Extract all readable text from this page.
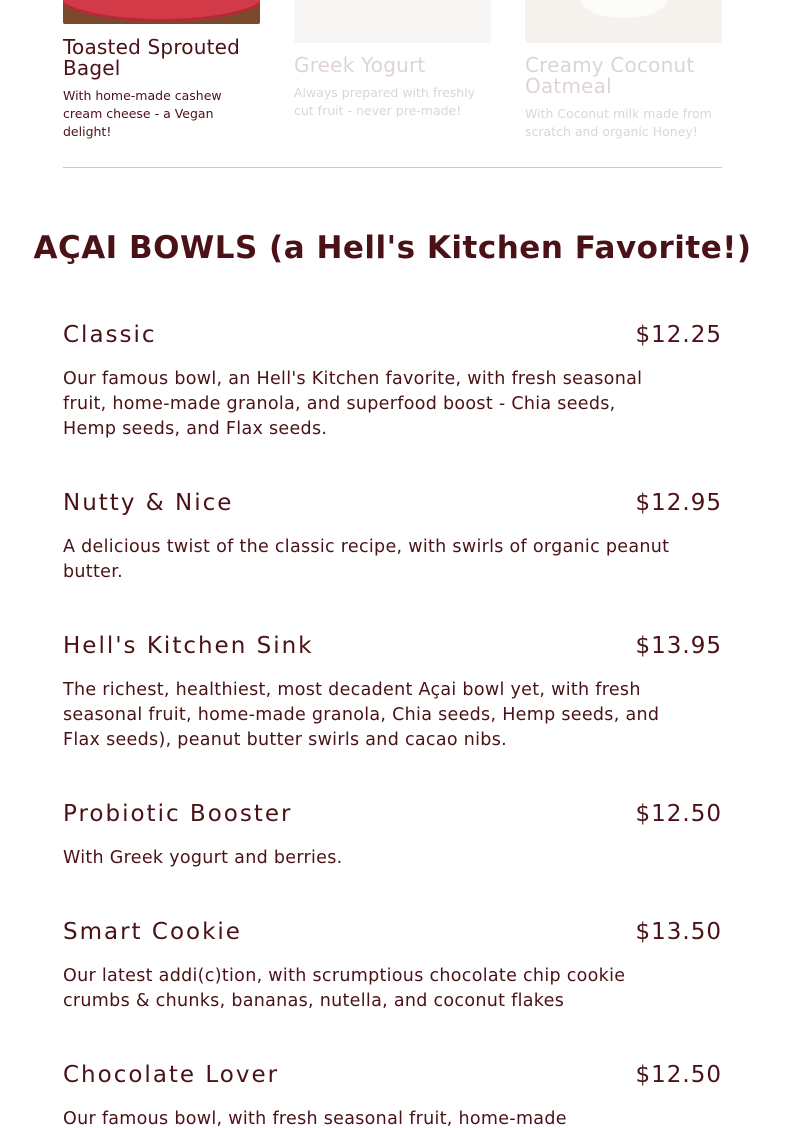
Toasted Sprouted Bagel
With home-made cashew cream cheese - a Vegan delight!
Greek Yogurt
Always prepared with freshly cut fruit - never pre-made!
Creamy Coconut Oatmeal
With Coconut milk made from scratch and organic Honey!
AÇAI BOWLS (a Hell's Kitchen Favorite!)
Classic	$12.25
Our famous bowl, an Hell's Kitchen favorite, with fresh seasonal fruit, home-made granola, and superfood boost - Chia seeds, Hemp seeds, and Flax seeds.
Nutty & Nice	$12.95
A delicious twist of the classic recipe, with swirls of organic peanut butter.
Hell's Kitchen Sink	$13.95
The richest, healthiest, most decadent Açai bowl yet, with fresh seasonal fruit, home-made granola, Chia seeds, Hemp seeds, and Flax seeds), peanut butter swirls and cacao nibs.
Probiotic Booster	$12.50
With Greek yogurt and berries.
Smart Cookie	$13.50
Our latest addi(c)tion, with scrumptious chocolate chip cookie crumbs & chunks, bananas, nutella, and coconut flakes
Chocolate Lover	$12.50
Our famous bowl, with fresh seasonal fruit, home-made
